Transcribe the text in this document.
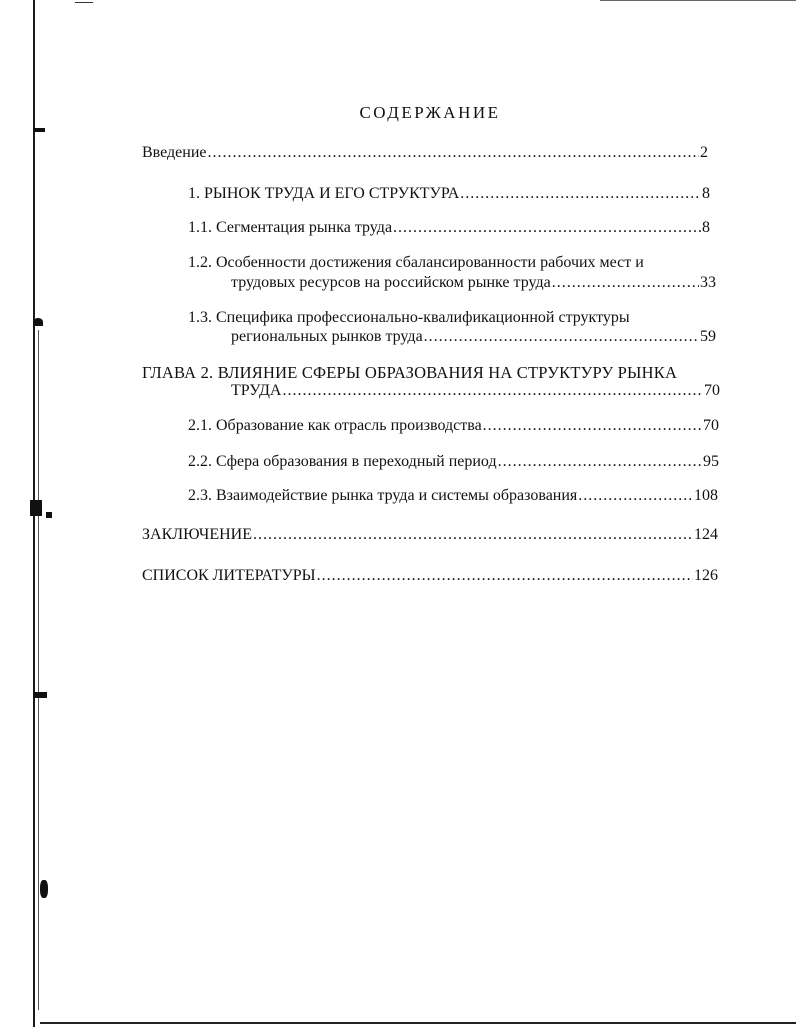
СОДЕРЖАНИЕ
Введение .....	2
1. РЫНОК ТРУДА И ЕГО СТРУКТУРА .....	8
1.1. Сегментация рынка труда .....	8
1.2. Особенности достижения сбалансированности рабочих мест и
трудовых ресурсов на российском рынке труда .....	33
1.3. Специфика профессионально-квалификационной структуры
региональных рынков труда .....	59
ГЛАВА 2. ВЛИЯНИЕ СФЕРЫ ОБРАЗОВАНИЯ НА СТРУКТУРУ РЫНКА
ТРУДА .....	70
2.1. Образование как отрасль производства .....	70
2.2. Сфера образования в переходный период .....	95
2.3. Взаимодействие рынка труда и системы образования .....	108
ЗАКЛЮЧЕНИЕ .....	124
СПИСОК ЛИТЕРАТУРЫ .....	126
